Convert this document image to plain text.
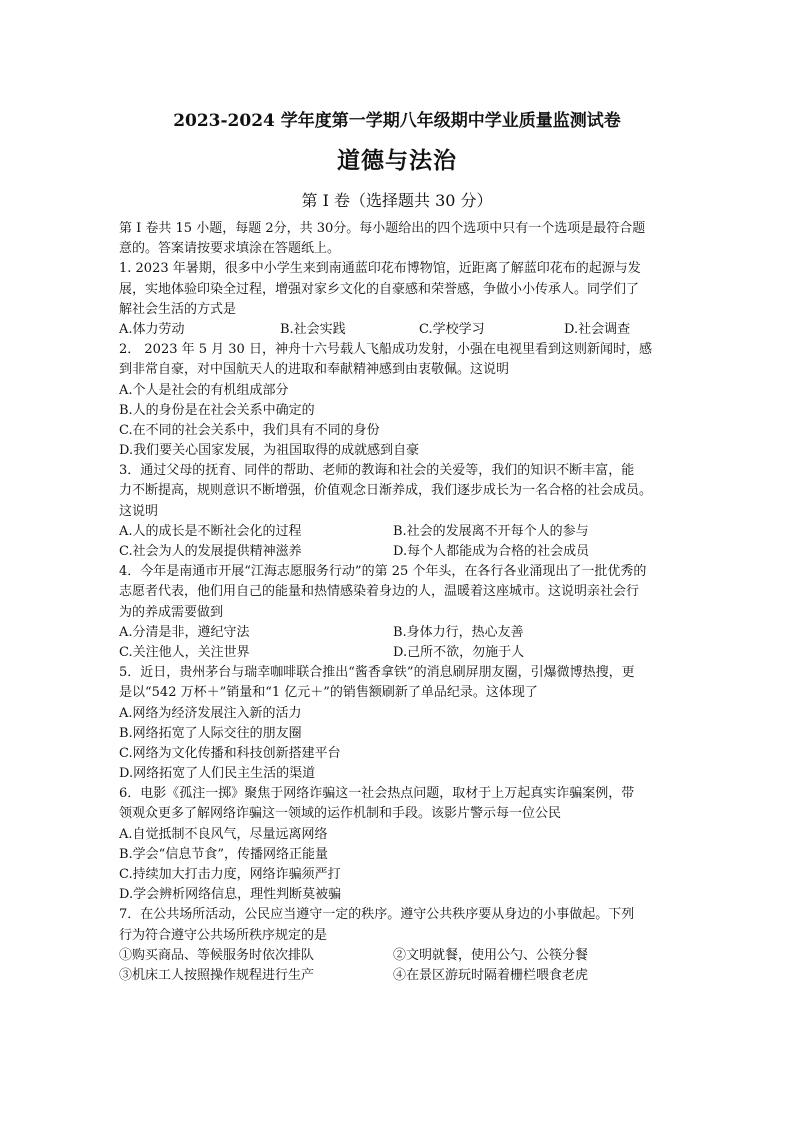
2023-2024 学年度第一学期八年级期中学业质量监测试卷
道德与法治
第 I 卷（选择题共 30 分）
第 I 卷共 15 小题，每题 2分，共 30分。每小题给出的四个选项中只有一个选项是最符合题
意的。答案请按要求填涂在答题纸上。
1. 2023 年暑期，很多中小学生来到南通蓝印花布博物馆，近距离了解蓝印花布的起源与发
展，实地体验印染全过程，增强对家乡文化的自豪感和荣誉感，争做小小传承人。同学们了
解社会生活的方式是
A.体力劳动	B.社会实践	C.学校学习	D.社会调查
2． 2023 年 5 月 30 日，神舟十六号载人飞船成功发射，小强在电视里看到这则新闻时，感
到非常自豪，对中国航天人的进取和奉献精神感到由衷敬佩。这说明
A.个人是社会的有机组成部分
B.人的身份是在社会关系中确定的
C.在不同的社会关系中，我们具有不同的身份
D.我们要关心国家发展，为祖国取得的成就感到自豪
3．通过父母的抚育、同伴的帮助、老师的教诲和社会的关爱等，我们的知识不断丰富，能
力不断提高，规则意识不断增强，价值观念日渐养成，我们逐步成长为一名合格的社会成员。
这说明
A.人的成长是不断社会化的过程	B.社会的发展离不开每个人的参与
C.社会为人的发展提供精神滋养	D.每个人都能成为合格的社会成员
4．今年是南通市开展“江海志愿服务行动”的第 25 个年头，在各行各业涌现出了一批优秀的
志愿者代表，他们用自己的能量和热情感染着身边的人，温暖着这座城市。这说明亲社会行
为的养成需要做到
A.分清是非，遵纪守法	B.身体力行，热心友善
C.关注他人，关注世界	D.己所不欲，勿施于人
5．近日，贵州茅台与瑞幸咖啡联合推出“酱香拿铁”的消息刷屏朋友圈，引爆微博热搜，更
是以“542 万杯＋”销量和“1 亿元＋”的销售额刷新了单品纪录。这体现了
A.网络为经济发展注入新的活力
B.网络拓宽了人际交往的朋友圈
C.网络为文化传播和科技创新搭建平台
D.网络拓宽了人们民主生活的渠道
6．电影《孤注一掷》聚焦于网络诈骗这一社会热点问题，取材于上万起真实诈骗案例，带
领观众更多了解网络诈骗这一领域的运作机制和手段。该影片警示每一位公民
A.自觉抵制不良风气，尽量远离网络
B.学会“信息节食”，传播网络正能量
C.持续加大打击力度，网络诈骗须严打
D.学会辨析网络信息，理性判断莫被骗
7．在公共场所活动，公民应当遵守一定的秩序。遵守公共秩序要从身边的小事做起。下列
行为符合遵守公共场所秩序规定的是
①购买商品、等候服务时依次排队	②文明就餐，使用公勺、公筷分餐
③机床工人按照操作规程进行生产	④在景区游玩时隔着栅栏喂食老虎
